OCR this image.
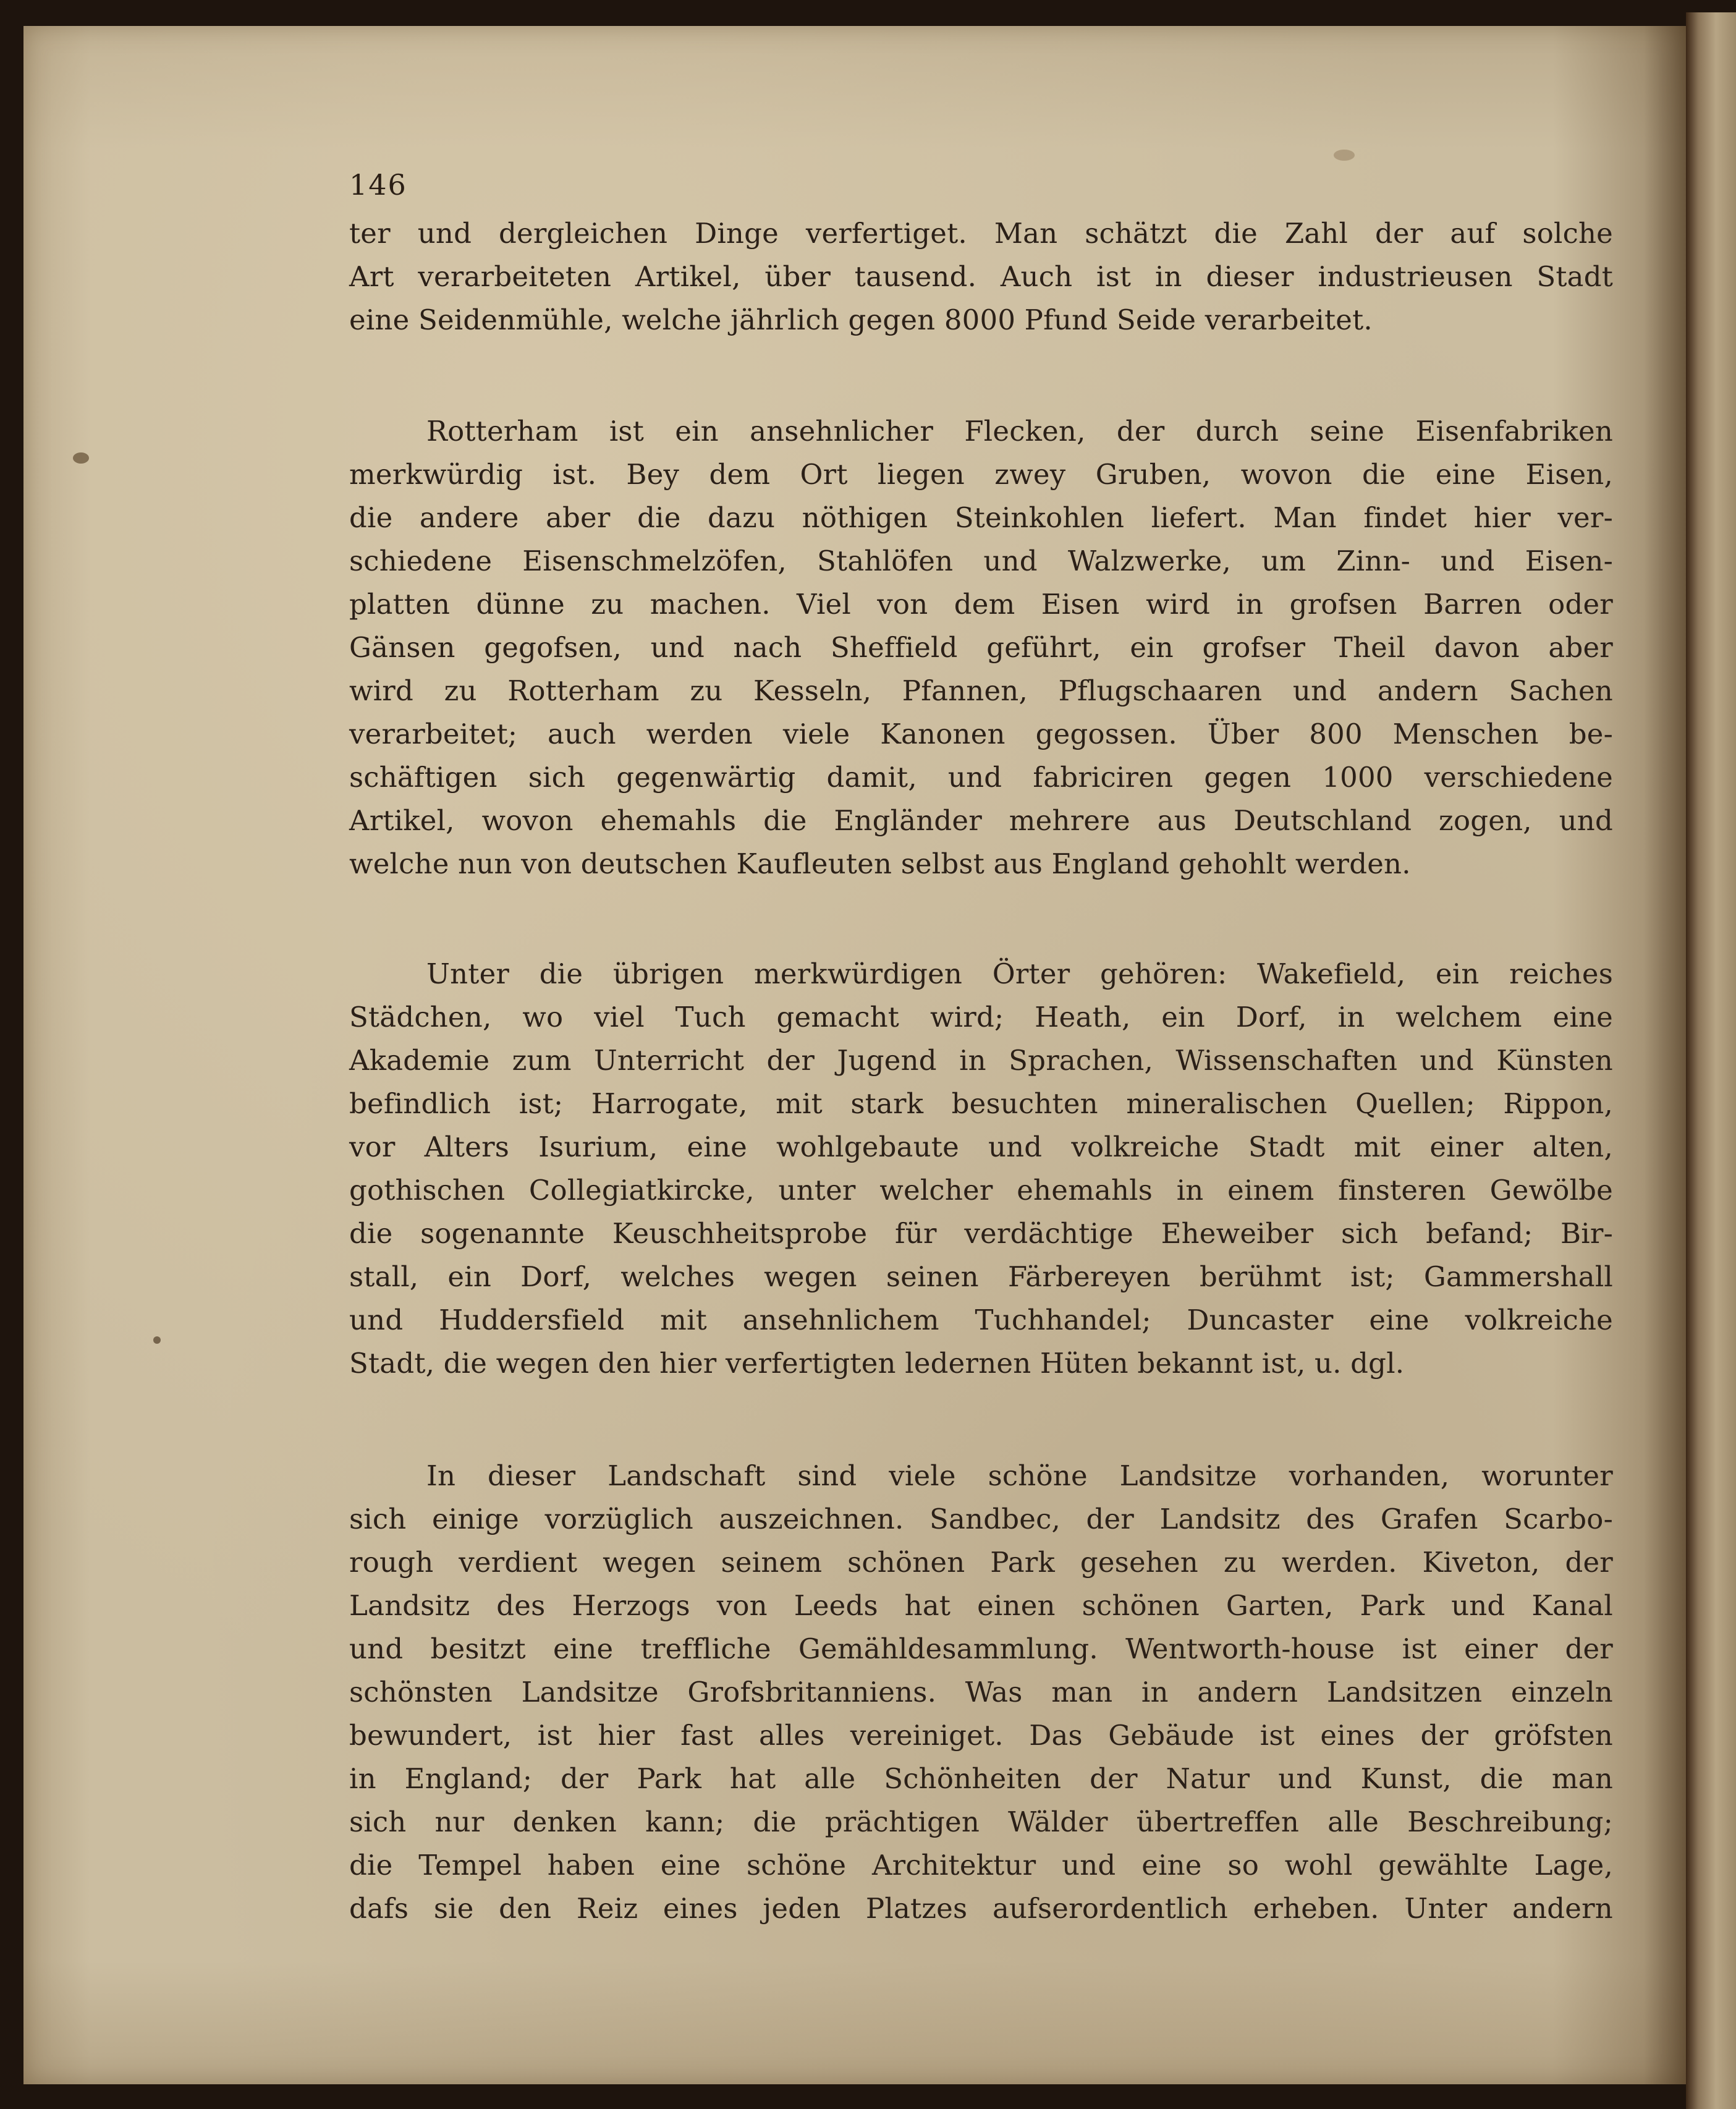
146
ter und dergleichen Dinge verfertiget. Man schätzt die Zahl der auf solche
Art verarbeiteten Artikel, über tausend. Auch ist in dieser industrieusen Stadt
eine Seidenmühle, welche jährlich gegen 8000 Pfund Seide verarbeitet.
Rotterham ist ein ansehnlicher Flecken, der durch seine Eisenfabriken
merkwürdig ist. Bey dem Ort liegen zwey Gruben, wovon die eine Eisen,
die andere aber die dazu nöthigen Steinkohlen liefert. Man findet hier ver-
schiedene Eisenschmelzöfen, Stahlöfen und Walzwerke, um Zinn- und Eisen-
platten dünne zu machen. Viel von dem Eisen wird in grofsen Barren oder
Gänsen gegofsen, und nach Sheffield geführt, ein grofser Theil davon aber
wird zu Rotterham zu Kesseln, Pfannen, Pflugschaaren und andern Sachen
verarbeitet; auch werden viele Kanonen gegossen. Über 800 Menschen be-
schäftigen sich gegenwärtig damit, und fabriciren gegen 1000 verschiedene
Artikel, wovon ehemahls die Engländer mehrere aus Deutschland zogen, und
welche nun von deutschen Kaufleuten selbst aus England gehohlt werden.
Unter die übrigen merkwürdigen Örter gehören: Wakefield, ein reiches
Städchen, wo viel Tuch gemacht wird; Heath, ein Dorf, in welchem eine
Akademie zum Unterricht der Jugend in Sprachen, Wissenschaften und Künsten
befindlich ist; Harrogate, mit stark besuchten mineralischen Quellen; Rippon,
vor Alters Isurium, eine wohlgebaute und volkreiche Stadt mit einer alten,
gothischen Collegiatkircke, unter welcher ehemahls in einem finsteren Gewölbe
die sogenannte Keuschheitsprobe für verdächtige Eheweiber sich befand; Bir-
stall, ein Dorf, welches wegen seinen Färbereyen berühmt ist; Gammershall
und Huddersfield mit ansehnlichem Tuchhandel; Duncaster eine volkreiche
Stadt, die wegen den hier verfertigten ledernen Hüten bekannt ist, u. dgl.
In dieser Landschaft sind viele schöne Landsitze vorhanden, worunter
sich einige vorzüglich auszeichnen. Sandbec, der Landsitz des Grafen Scarbo-
rough verdient wegen seinem schönen Park gesehen zu werden. Kiveton, der
Landsitz des Herzogs von Leeds hat einen schönen Garten, Park und Kanal
und besitzt eine treffliche Gemähldesammlung. Wentworth-house ist einer der
schönsten Landsitze Grofsbritanniens. Was man in andern Landsitzen einzeln
bewundert, ist hier fast alles vereiniget. Das Gebäude ist eines der gröfsten
in England; der Park hat alle Schönheiten der Natur und Kunst, die man
sich nur denken kann; die prächtigen Wälder übertreffen alle Beschreibung;
die Tempel haben eine schöne Architektur und eine so wohl gewählte Lage,
dafs sie den Reiz eines jeden Platzes aufserordentlich erheben. Unter andern
